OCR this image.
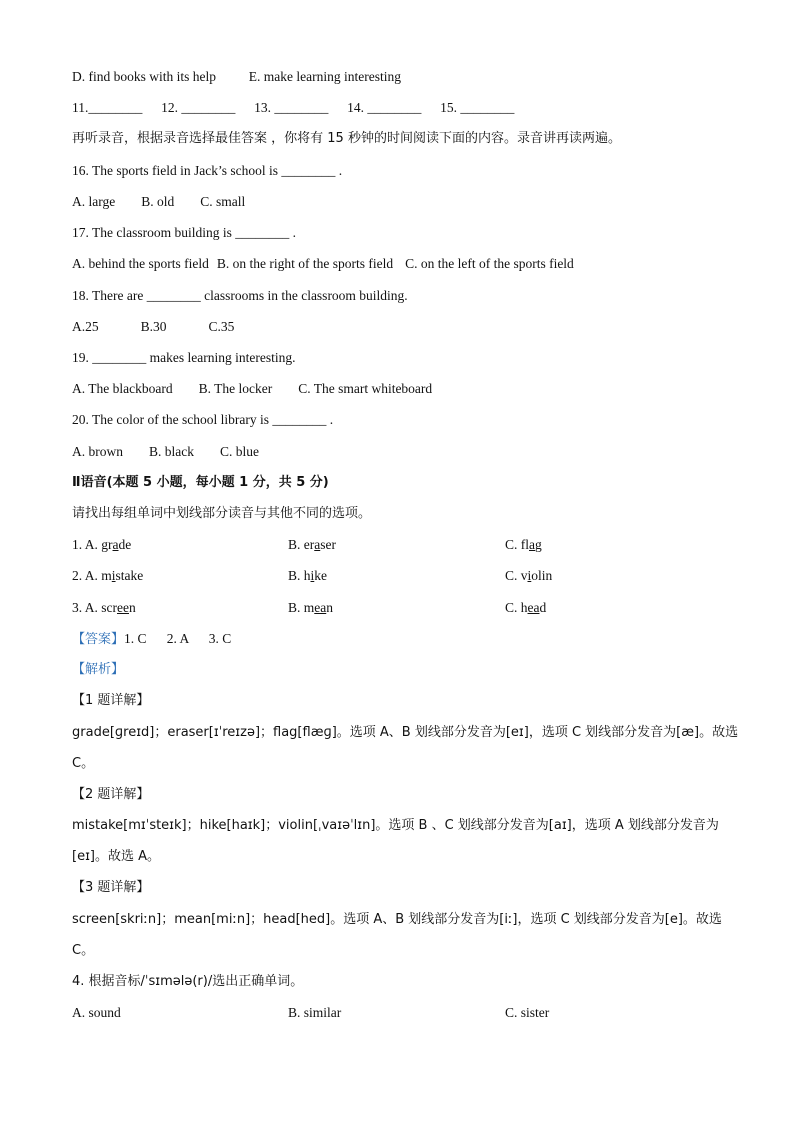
D. find books with its help E. make learning interesting
11.________ 12. ________ 13. ________ 14. ________ 15. ________
再听录音，根据录音选择最佳答案 ，你将有 15 秒钟的时间阅读下面的内容。录音讲再读两遍。
16. The sports field in Jack’s school is ________ .
A. large B. old C. small
17. The classroom building is ________ .
A. behind the sports field B. on the right of the sports field C. on the left of the sports field
18. There are ________ classrooms in the classroom building.
A.25	B.30	C.35
19. ________ makes learning interesting.
A. The blackboard B. The locker C. The smart whiteboard
20. The color of the school library is ________ .
A. brown B. black C. blue
Ⅱ语音(本题 5 小题，每小题 1 分，共 5 分)
请找出每组单词中划线部分读音与其他不同的选项。
1. A. grade	B. eraser	C. flag
2. A. mistake	B. hike	C. violin
3. A. screen	B. mean	C. head
【答案】1. C      2. A      3. C
【解析】
【1 题详解】
grade[ɡreɪd]；eraser[ɪˈreɪzə]；flag[flæɡ]。选项 A、B 划线部分发音为[eɪ]，选项 C 划线部分发音为[æ]。故选
C。
【2 题详解】
mistake[mɪˈsteɪk]；hike[haɪk]；violin[ˌvaɪəˈlɪn]。选项 B 、C 划线部分发音为[aɪ]，选项 A 划线部分发音为
[eɪ]。故选 A。
【3 题详解】
screen[skriːn]；mean[miːn]；head[hed]。选项 A、B 划线部分发音为[iː]，选项 C 划线部分发音为[e]。故选
C。
4. 根据音标/ˈsɪmələ(r)/选出正确单词。
A. sound	B. similar	C. sister
